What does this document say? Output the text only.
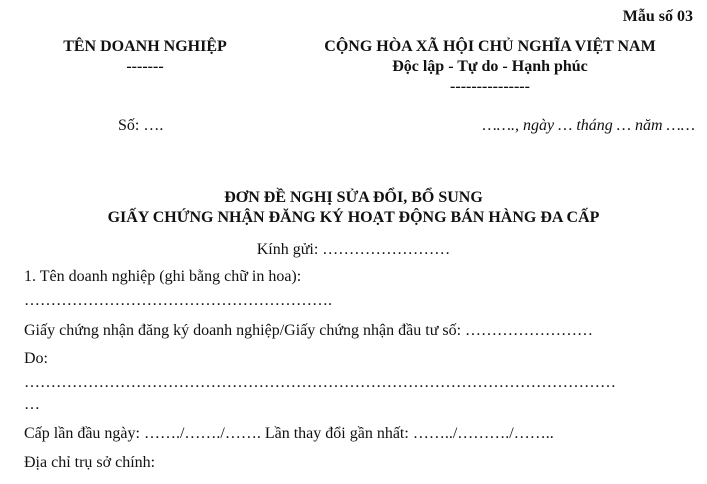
Mẫu số 03
TÊN DOANH NGHIỆP
-------
CỘNG HÒA XÃ HỘI CHỦ NGHĨA VIỆT NAM
Độc lập - Tự do - Hạnh phúc
---------------
Số: ….	……., ngày … tháng … năm ……
ĐƠN ĐỀ NGHỊ SỬA ĐỔI, BỔ SUNG
GIẤY CHỨNG NHẬN ĐĂNG KÝ HOẠT ĐỘNG BÁN HÀNG ĐA CẤP
Kính gửi: ……………………
1. Tên doanh nghiệp (ghi bằng chữ in hoa):
………………………………………………….
Giấy chứng nhận đăng ký doanh nghiệp/Giấy chứng nhận đầu tư số: ……………………
Do:
…………………………………………………………………………………………………
…
Cấp lần đầu ngày: ……./……./……. Lần thay đổi gần nhất: ……../………./……..
Địa chỉ trụ sở chính:
